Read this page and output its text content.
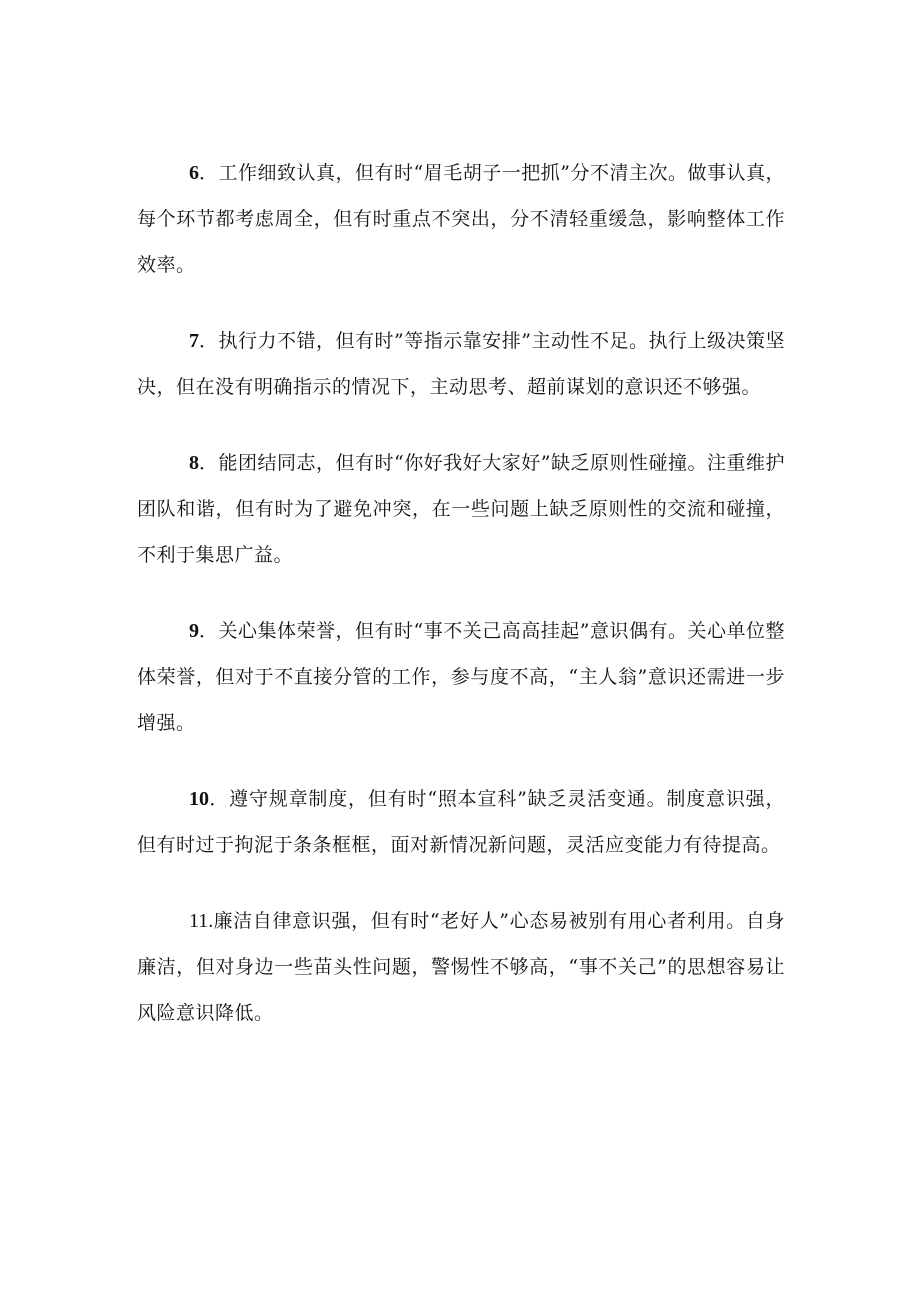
6．工作细致认真，但有时“眉毛胡子一把抓”分不清主次。做事认真，每个环节都考虑周全，但有时重点不突出，分不清轻重缓急，影响整体工作效率。

7．执行力不错，但有时”等指示靠安排”主动性不足。执行上级决策坚决，但在没有明确指示的情况下，主动思考、超前谋划的意识还不够强。

8．能团结同志，但有时“你好我好大家好”缺乏原则性碰撞。注重维护团队和谐，但有时为了避免冲突，在一些问题上缺乏原则性的交流和碰撞，不利于集思广益。

9．关心集体荣誉，但有时“事不关己高高挂起”意识偶有。关心单位整体荣誉，但对于不直接分管的工作，参与度不高，“主人翁”意识还需进一步增强。

10．遵守规章制度，但有时“照本宣科”缺乏灵活变通。制度意识强，但有时过于拘泥于条条框框，面对新情况新问题，灵活应变能力有待提高。

11.廉洁自律意识强，但有时“老好人”心态易被别有用心者利用。自身廉洁，但对身边一些苗头性问题，警惕性不够高，“事不关己”的思想容易让风险意识降低。
